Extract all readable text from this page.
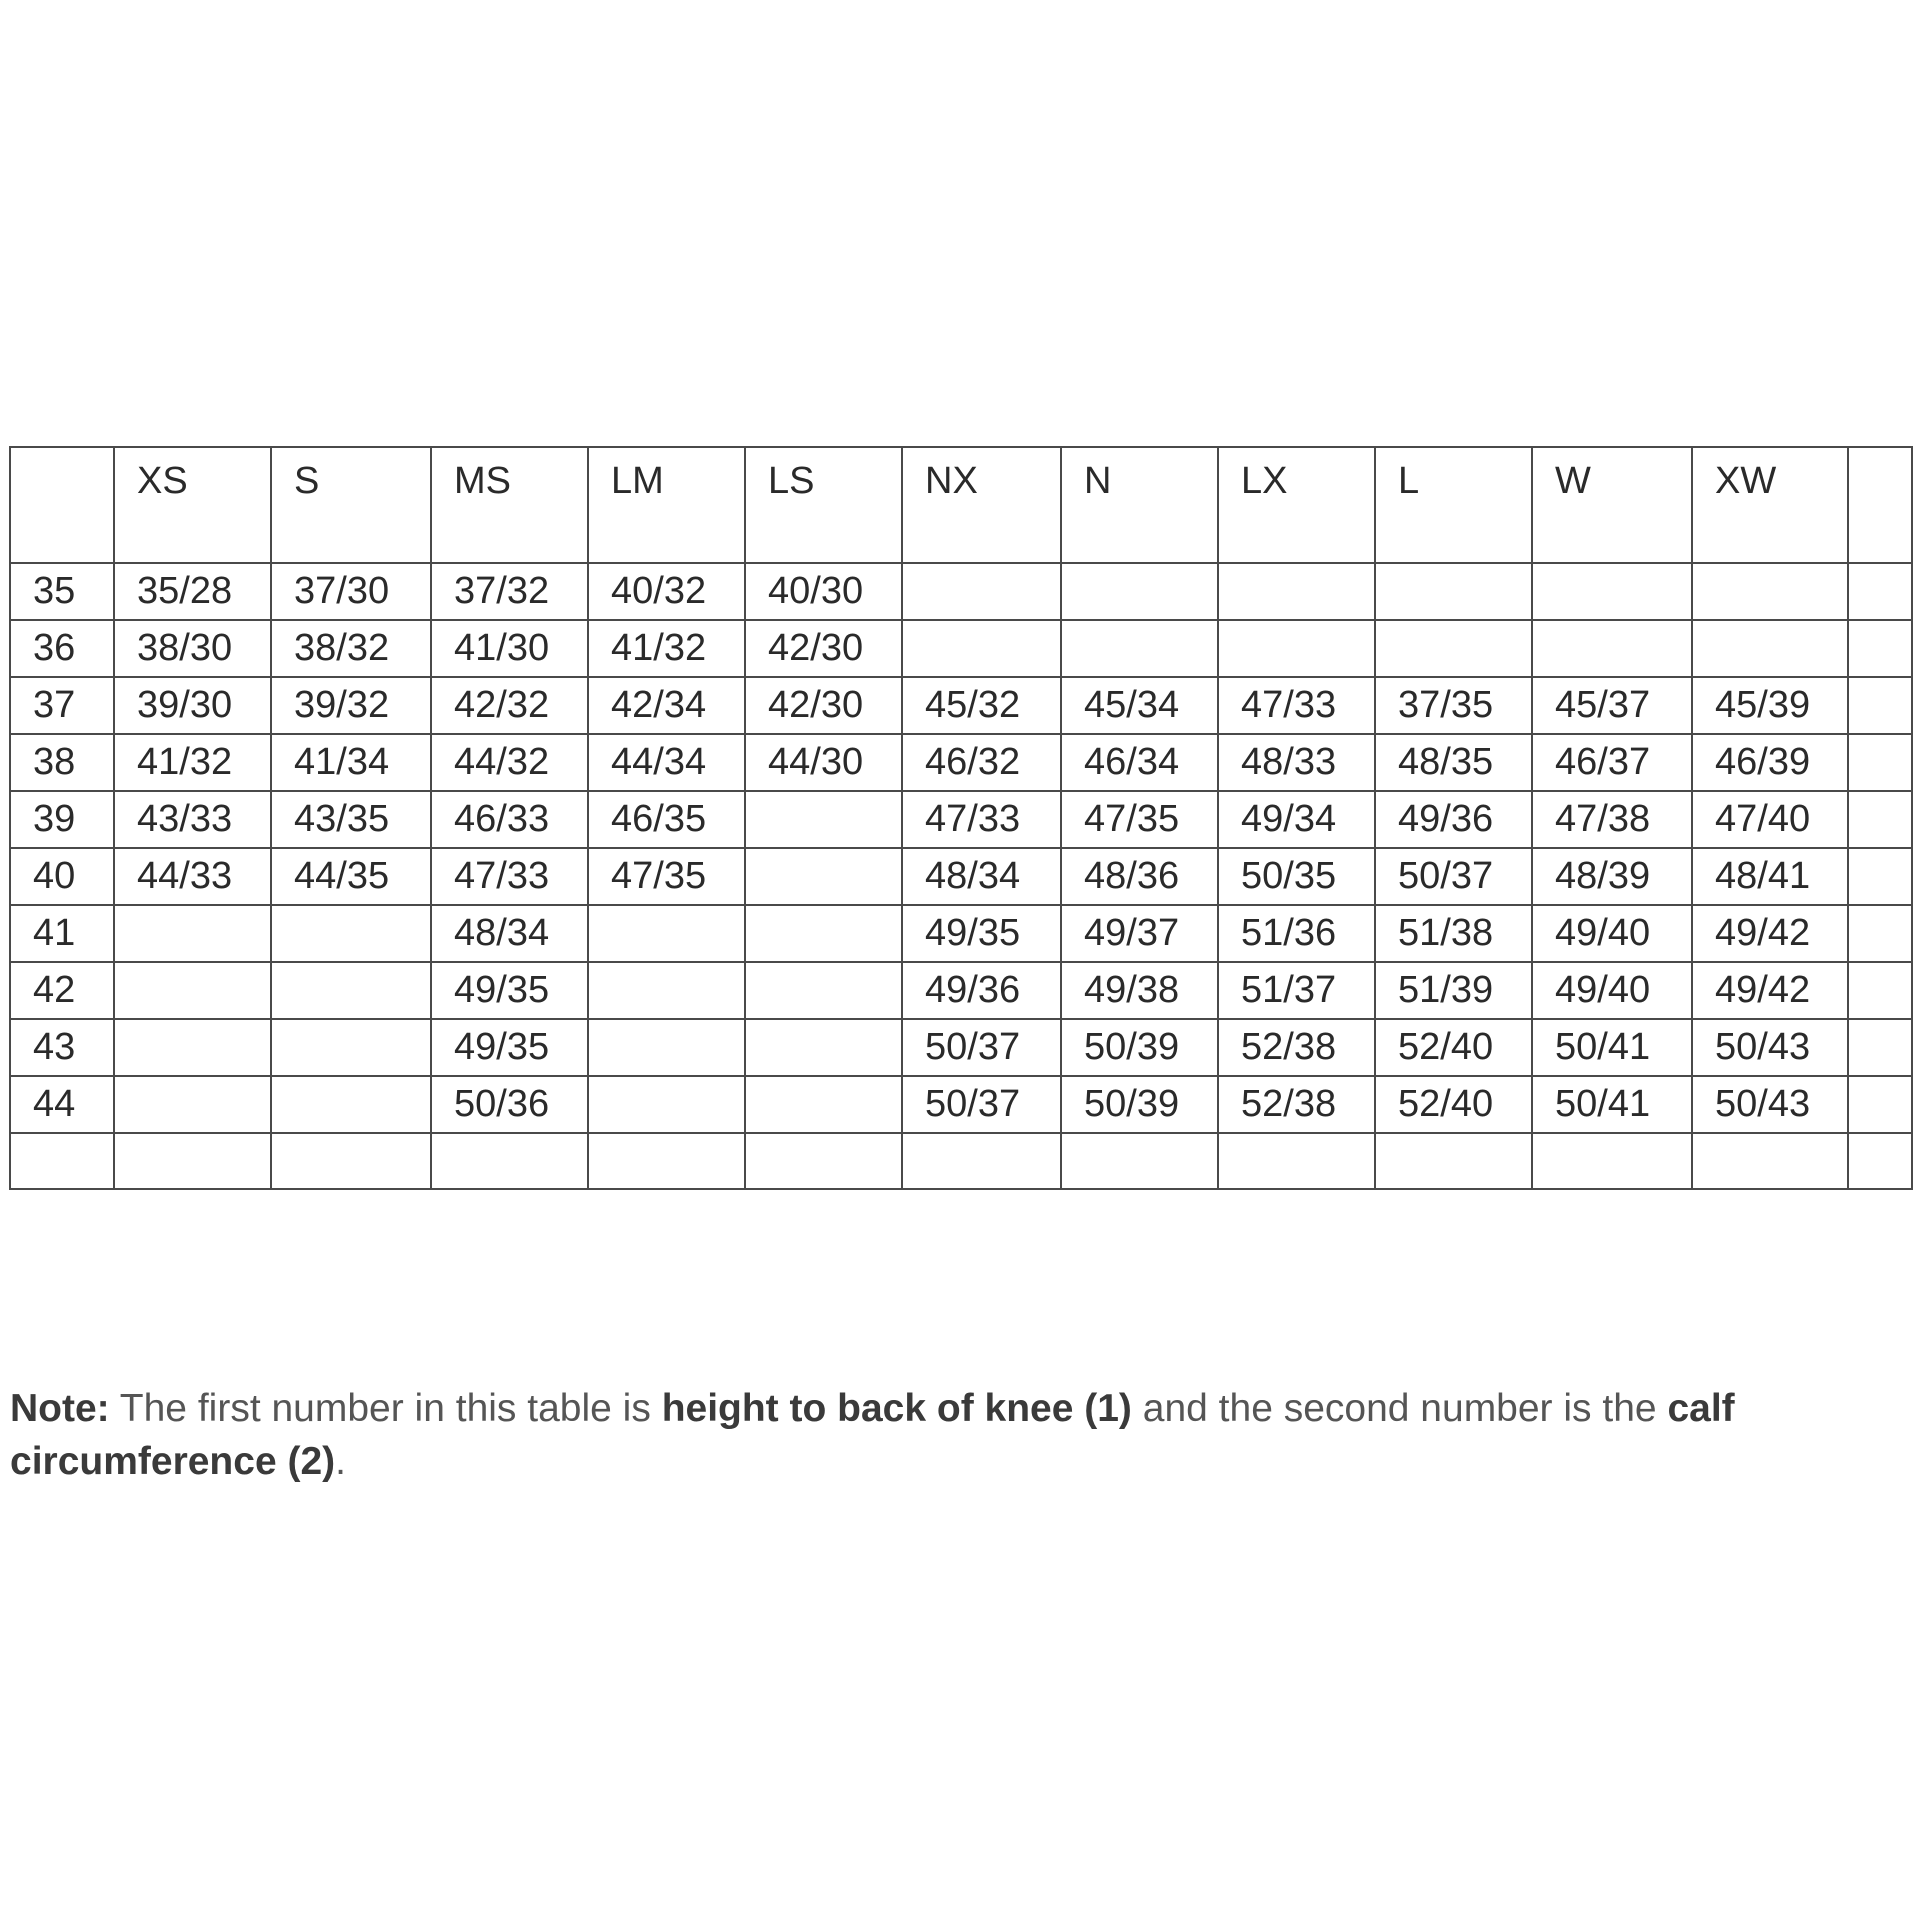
	XS	S	MS	LM	LS	NX	N	LX	L	W	XW	
35	35/28	37/30	37/32	40/32	40/30							
36	38/30	38/32	41/30	41/32	42/30							
37	39/30	39/32	42/32	42/34	42/30	45/32	45/34	47/33	37/35	45/37	45/39	
38	41/32	41/34	44/32	44/34	44/30	46/32	46/34	48/33	48/35	46/37	46/39	
39	43/33	43/35	46/33	46/35		47/33	47/35	49/34	49/36	47/38	47/40	
40	44/33	44/35	47/33	47/35		48/34	48/36	50/35	50/37	48/39	48/41	
41			48/34			49/35	49/37	51/36	51/38	49/40	49/42	
42			49/35			49/36	49/38	51/37	51/39	49/40	49/42	
43			49/35			50/37	50/39	52/38	52/40	50/41	50/43	
44			50/36			50/37	50/39	52/38	52/40	50/41	50/43	

Note: The first number in this table is height to back of knee (1) and the second number is the calf circumference (2).
